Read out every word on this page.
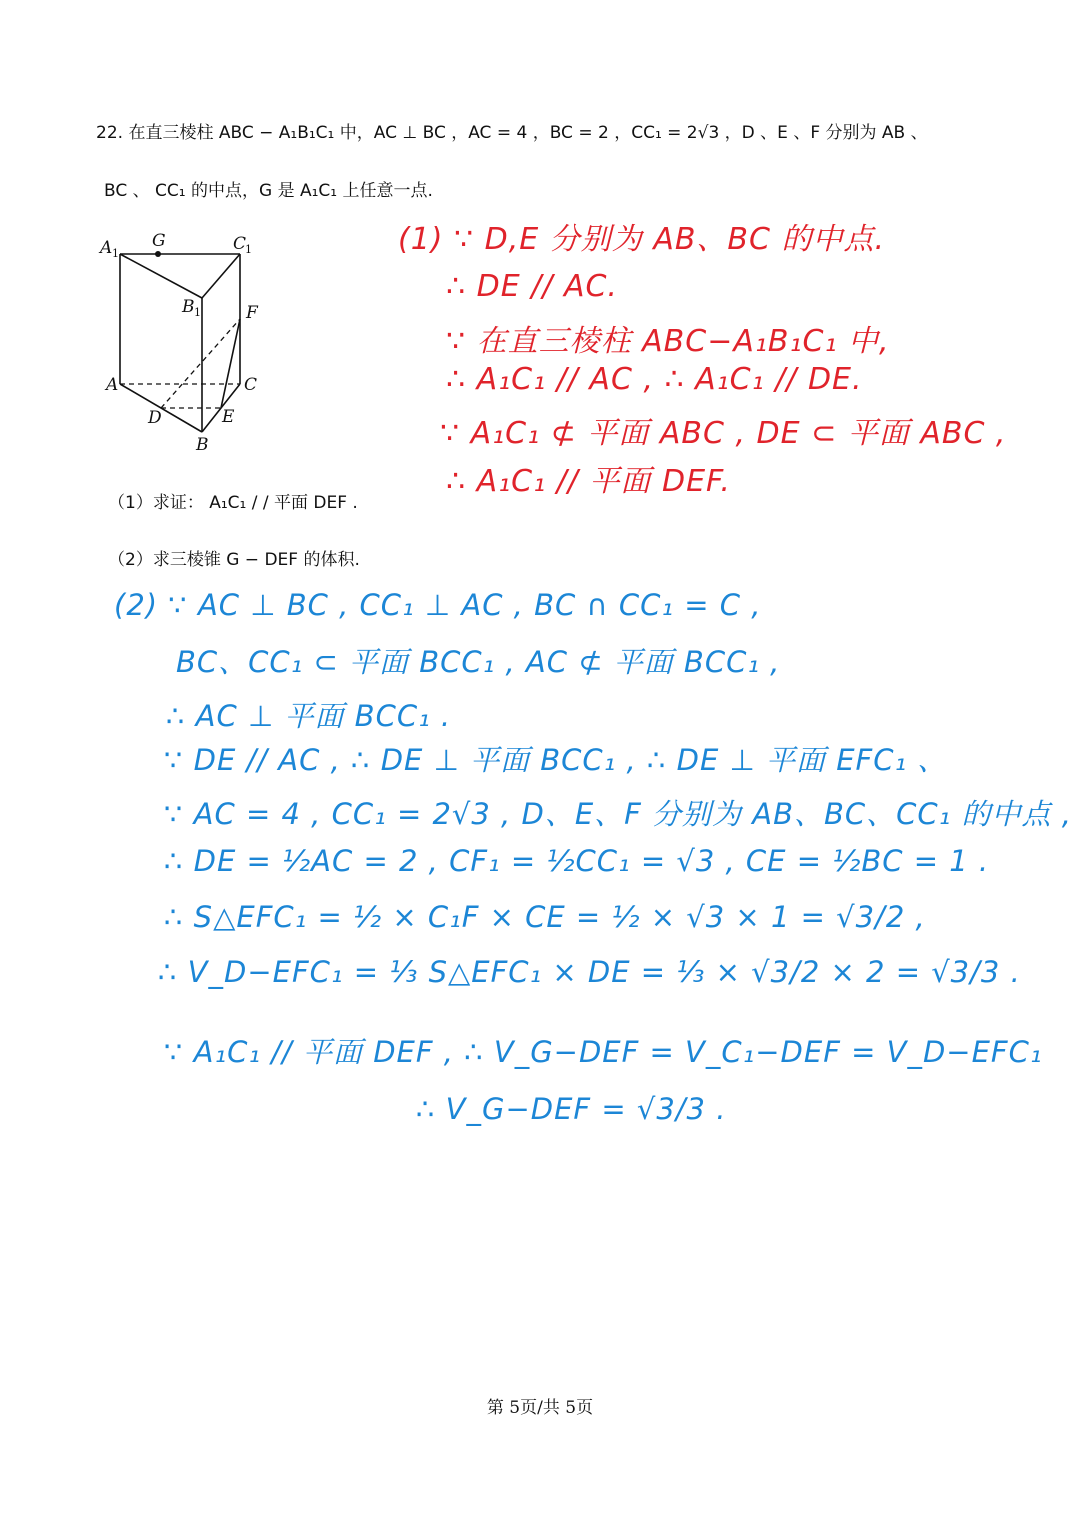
22. 在直三棱柱 ABC − A₁B₁C₁ 中，AC ⊥ BC ，AC = 4 ，BC = 2 ，CC₁ = 2√3 ，D 、E 、F 分别为 AB 、
BC 、 CC₁ 的中点，G 是 A₁C₁ 上任意一点.
A 1
G	C
1
B 1	F
A	C
D	E
B
(1) ∵ D,E 分别为 AB、BC 的中点.
∴ DE // AC.
∵ 在直三棱柱 ABC−A₁B₁C₁ 中,
∴ A₁C₁ // AC , ∴ A₁C₁ // DE.
∵ A₁C₁ ⊄ 平面 ABC , DE ⊂ 平面 ABC ,
∴ A₁C₁ // 平面 DEF.
（1）求证： A₁C₁ / / 平面 DEF .
（2）求三棱锥 G − DEF 的体积.
(2) ∵ AC ⊥ BC , CC₁ ⊥ AC , BC ∩ CC₁ = C ,
BC、CC₁ ⊂ 平面 BCC₁ , AC ⊄ 平面 BCC₁ ,
∴ AC ⊥ 平面 BCC₁ .
∵ DE // AC , ∴ DE ⊥ 平面 BCC₁ , ∴ DE ⊥ 平面 EFC₁ 、
∵ AC = 4 , CC₁ = 2√3 , D、E、F 分别为 AB、BC、CC₁ 的中点 ,
∴ DE = ½AC = 2 , CF₁ = ½CC₁ = √3 , CE = ½BC = 1 .
∴ S△EFC₁ = ½ × C₁F × CE = ½ × √3 × 1 = √3/2 ,
∴ V_D−EFC₁ = ⅓ S△EFC₁ × DE = ⅓ × √3/2 × 2 = √3/3 .
∵ A₁C₁ // 平面 DEF , ∴ V_G−DEF = V_C₁−DEF = V_D−EFC₁
∴ V_G−DEF = √3/3 .
第 5页/共 5页
